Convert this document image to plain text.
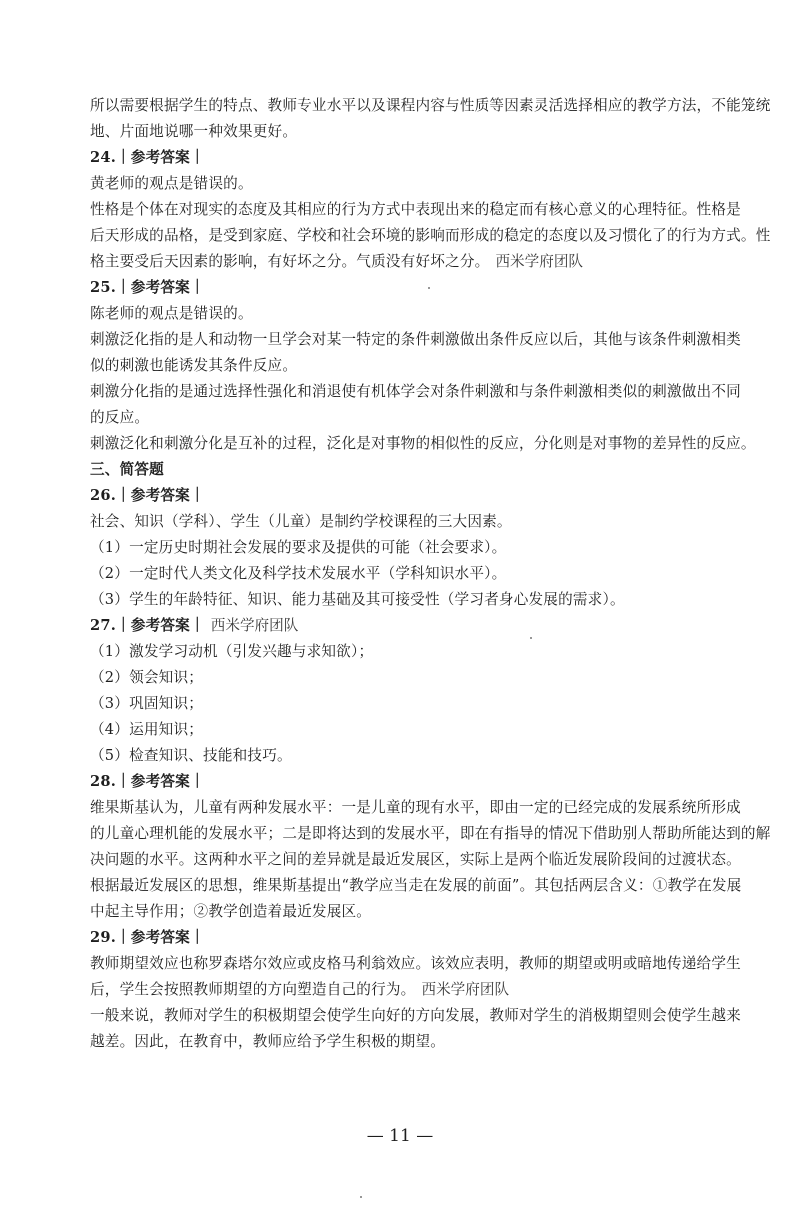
所以需要根据学生的特点、教师专业水平以及课程内容与性质等因素灵活选择相应的教学方法，不能笼统
地、片面地说哪一种效果更好。
24.｜参考答案｜
黄老师的观点是错误的。
性格是个体在对现实的态度及其相应的行为方式中表现出来的稳定而有核心意义的心理特征。性格是
后天形成的品格，是受到家庭、学校和社会环境的影响而形成的稳定的态度以及习惯化了的行为方式。性
格主要受后天因素的影响，有好坏之分。气质没有好坏之分。 西米学府团队
25.｜参考答案｜
陈老师的观点是错误的。
刺激泛化指的是人和动物一旦学会对某一特定的条件刺激做出条件反应以后，其他与该条件刺激相类
似的刺激也能诱发其条件反应。
刺激分化指的是通过选择性强化和消退使有机体学会对条件刺激和与条件刺激相类似的刺激做出不同
的反应。
刺激泛化和刺激分化是互补的过程，泛化是对事物的相似性的反应，分化则是对事物的差异性的反应。
三、简答题
26.｜参考答案｜
社会、知识（学科）、学生（儿童）是制约学校课程的三大因素。
（1）一定历史时期社会发展的要求及提供的可能（社会要求）。
（2）一定时代人类文化及科学技术发展水平（学科知识水平）。
（3）学生的年龄特征、知识、能力基础及其可接受性（学习者身心发展的需求）。
27.｜参考答案｜ 西米学府团队
（1）激发学习动机（引发兴趣与求知欲）；
（2）领会知识；
（3）巩固知识；
（4）运用知识；
（5）检查知识、技能和技巧。
28.｜参考答案｜
维果斯基认为，儿童有两种发展水平：一是儿童的现有水平，即由一定的已经完成的发展系统所形成
的儿童心理机能的发展水平；二是即将达到的发展水平，即在有指导的情况下借助别人帮助所能达到的解
决问题的水平。这两种水平之间的差异就是最近发展区，实际上是两个临近发展阶段间的过渡状态。
根据最近发展区的思想，维果斯基提出“教学应当走在发展的前面”。其包括两层含义：①教学在发展
中起主导作用；②教学创造着最近发展区。
29.｜参考答案｜
教师期望效应也称罗森塔尔效应或皮格马利翁效应。该效应表明，教师的期望或明或暗地传递给学生
后，学生会按照教师期望的方向塑造自己的行为。 西米学府团队
一般来说，教师对学生的积极期望会使学生向好的方向发展，教师对学生的消极期望则会使学生越来
越差。因此，在教育中，教师应给予学生积极的期望。
— 11 —
